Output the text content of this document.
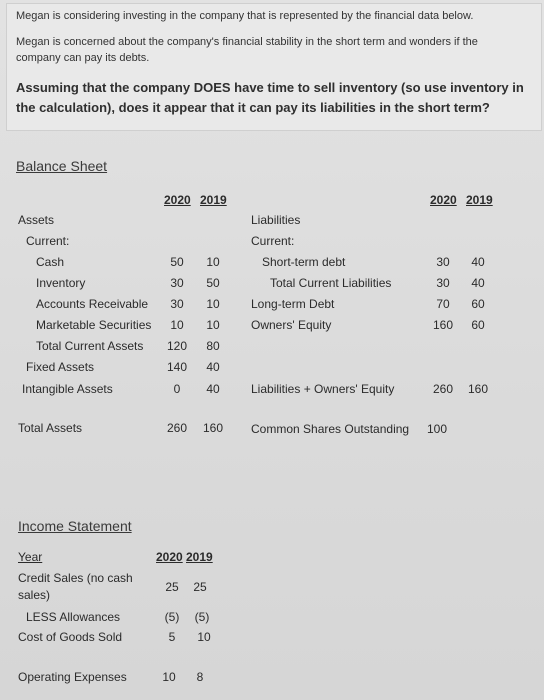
Megan is considering investing in the company that is represented by the financial data below.
Megan is concerned about the company's financial stability in the short term and wonders if the
company can pay its debts.
Assuming that the company DOES have time to sell inventory (so use inventory in
the calculation), does it appear that it can pay its liabilities in the short term?
Balance Sheet
2020 2019	2020 2019
Assets
Current:
Cash	50	10
Inventory	30	50
Accounts Receivable	30	10
Marketable Securities	10	10
Total Current Assets	120	80
Fixed Assets	140	40
Intangible Assets	0	40
Total Assets	260	160
Liabilities
Current:
Short-term debt	30	40
Total Current Liabilities	30	40
Long-term Debt	70	60
Owners' Equity	160	60
Liabilities + Owners' Equity	260	160
Common Shares Outstanding	100
Income Statement
Year	2020 2019
Credit Sales (no cash
sales)
25	25
LESS Allowances	(5)	(5)
Cost of Goods Sold	5	10
Operating Expenses	10	8
